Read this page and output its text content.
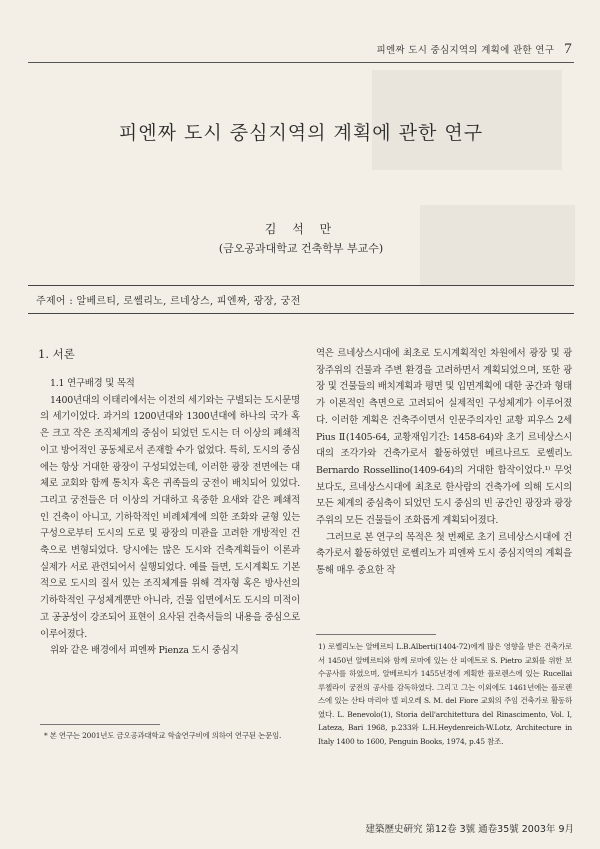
피엔짜 도시 중심지역의 계획에 관한 연구 7
피엔짜 도시 중심지역의 계획에 관한 연구
김 석 만
(금오공과대학교 건축학부 부교수)
주제어 : 알베르티, 로쎌리노, 르네상스, 피엔짜, 광장, 궁전
1. 서론

1.1 연구배경 및 목적

1400년대의 이태리에서는 이전의 세기와는 구별되는 도시문명의 세기이었다. 과거의 1200년대와 1300년대에 하나의 국가 혹은 크고 작은 조직체계의 중심이 되었던 도시는 더 이상의 폐쇄적이고 방어적인 공동체로서 존재할 수가 없었다. 특히, 도시의 중심에는 항상 거대한 광장이 구성되었는데, 이러한 광장 전면에는 대체로 교회와 함께 통치자 혹은 귀족들의 궁전이 배치되어 있었다. 그리고 궁전들은 더 이상의 거대하고 육중한 요새와 같은 폐쇄적인 건축이 아니고, 기하학적인 비례체계에 의한 조화와 균형 있는 구성으로부터 도시의 도로 및 광장의 미관을 고려한 개방적인 건축으로 변형되었다. 당시에는 많은 도시와 건축계획들이 이론과 실제가 서로 관련되어서 실행되었다. 예를 들면, 도시계획도 기본적으로 도시의 질서 있는 조직체계를 위해 격자형 혹은 방사선의 기하학적인 구성체계뿐만 아니라, 건물 입면에서도 도시의 미적이고 공공성이 강조되어 표현이 요사된 건축서들의 내용을 중심으로 이루어졌다.

위와 같은 배경에서 피엔짜 Pienza 도시 중심지

* 본 연구는 2001년도 금오공과대학교 학술연구비에 의하여 연구된 논문임.

역은 르네상스시대에 최초로 도시계획적인 차원에서 광장 및 광장주위의 건물과 주변 환경을 고려하면서 계획되었으며, 또한 광장 및 건물들의 배치계획과 평면 및 입면계획에 대한 공간과 형태가 이론적인 측면으로 고려되어 실제적인 구성체계가 이루어졌다. 이러한 계획은 건축주이면서 인문주의자인 교황 피우스 2세 Pius Ⅱ(1405-64, 교황재임기간: 1458-64)와 초기 르네상스시대의 조각가와 건축가로서 활동하였던 베르나르도 로쎌리노 Bernardo Rossellino(1409-64)의 거대한 합작이었다.¹⁾ 무엇보다도, 르네상스시대에 최초로 한사람의 건축가에 의해 도시의 모든 체계의 중심축이 되었던 도시 중심의 빈 공간인 광장과 광장 주위의 모든 건물들이 조화롭게 계획되어졌다.

그러므로 본 연구의 목적은 첫 번째로 초기 르네상스시대에 건축가로서 활동하였던 로쎌리노가 피엔짜 도시 중심지역의 계획을 통해 매우 중요한 작

1) 로쎌리노는 알베르티 L.B.Alberti(1404-72)에게 많은 영향을 받은 건축가로서 1450년 알베르티와 함께 로마에 있는 산 피에트로 S. Pietro 교회를 위한 보수공사를 하였으며, 알베르티가 1455년경에 계획한 플로렌스에 있는 Rucellai 루첼라이 궁전의 공사를 감독하였다. 그리고 그는 이외에도 1461년에는 플로렌스에 있는 산타 마리아 델 피오레 S. M. del Fiore 교회의 주임 건축가로 활동하였다. L. Benevolo(1), Storia dell'architettura del Rinascimento, Vol. I, Lateza, Bari 1968, p.233와 L.H.Heydenreich-W.Lotz, Architecture in Italy 1400 to 1600, Penguin Books, 1974, p.45 참조.
建築歷史硏究 第12卷 3號 通卷35號 2003年 9月
